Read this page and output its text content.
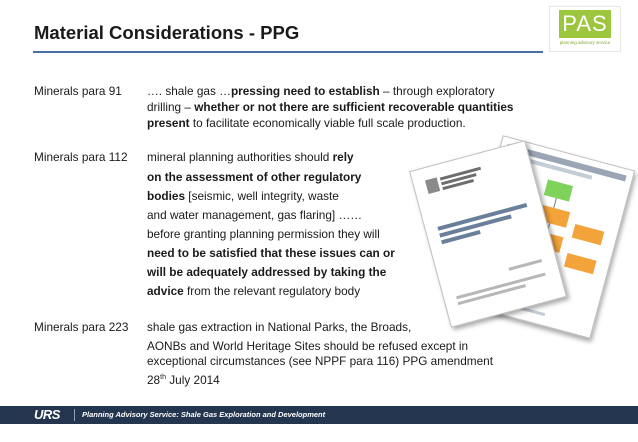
Material Considerations - PPG	PAS
planning advisory service
Minerals para 91 …. shale gas …pressing need to establish – through exploratory
drilling – whether or not there are sufficient recoverable quantities
present to facilitate economically viable full scale production.
Minerals para 112 mineral planning authorities should rely
on the assessment of other regulatory
bodies [seismic, well integrity, waste
and water management, gas flaring] ……
before granting planning permission they will
need to be satisfied that these issues can or
will be adequately addressed by taking the
advice from the relevant regulatory body
Minerals para 223 shale gas extraction in National Parks, the Broads,
AONBs and World Heritage Sites should be refused except in
exceptional circumstances (see NPPF para 116) PPG amendment
28th July 2014
URS	Planning Advisory Service: Shale Gas Exploration and Development
